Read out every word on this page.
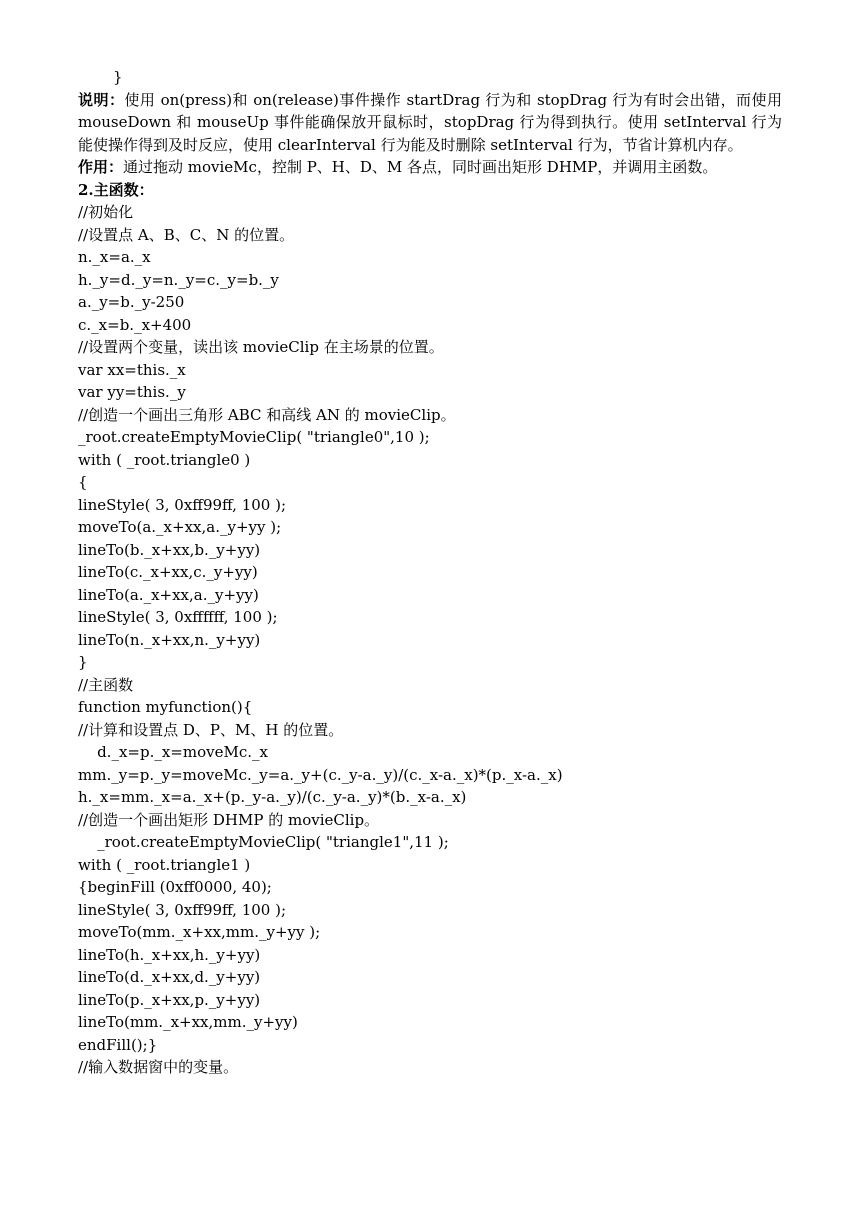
}
说明：使用 on(press)和 on(release)事件操作 startDrag 行为和 stopDrag 行为有时会出错，而使用 mouseDown 和 mouseUp 事件能确保放开鼠标时，stopDrag 行为得到执行。使用 setInterval 行为能使操作得到及时反应，使用 clearInterval 行为能及时删除 setInterval 行为，节省计算机内存。
作用：通过拖动 movieMc，控制 P、H、D、M 各点，同时画出矩形 DHMP，并调用主函数。
2.主函数：
//初始化
//设置点 A、B、C、N 的位置。
n._x=a._x
h._y=d._y=n._y=c._y=b._y
a._y=b._y-250
c._x=b._x+400
//设置两个变量，读出该 movieClip 在主场景的位置。
var xx=this._x
var yy=this._y
//创造一个画出三角形 ABC 和高线 AN 的 movieClip。
_root.createEmptyMovieClip( "triangle0",10 );
with ( _root.triangle0 )
{
lineStyle( 3, 0xff99ff, 100 );
moveTo(a._x+xx,a._y+yy );
lineTo(b._x+xx,b._y+yy)
lineTo(c._x+xx,c._y+yy)
lineTo(a._x+xx,a._y+yy)
lineStyle( 3, 0xffffff, 100 );
lineTo(n._x+xx,n._y+yy)
}
//主函数
function myfunction(){
//计算和设置点 D、P、M、H 的位置。
d._x=p._x=moveMc._x
mm._y=p._y=moveMc._y=a._y+(c._y-a._y)/(c._x-a._x)*(p._x-a._x)
h._x=mm._x=a._x+(p._y-a._y)/(c._y-a._y)*(b._x-a._x)
//创造一个画出矩形 DHMP 的 movieClip。
_root.createEmptyMovieClip( "triangle1",11 );
with ( _root.triangle1 )
{beginFill (0xff0000, 40);
lineStyle( 3, 0xff99ff, 100 );
moveTo(mm._x+xx,mm._y+yy );
lineTo(h._x+xx,h._y+yy)
lineTo(d._x+xx,d._y+yy)
lineTo(p._x+xx,p._y+yy)
lineTo(mm._x+xx,mm._y+yy)
endFill();}
//输入数据窗中的变量。
